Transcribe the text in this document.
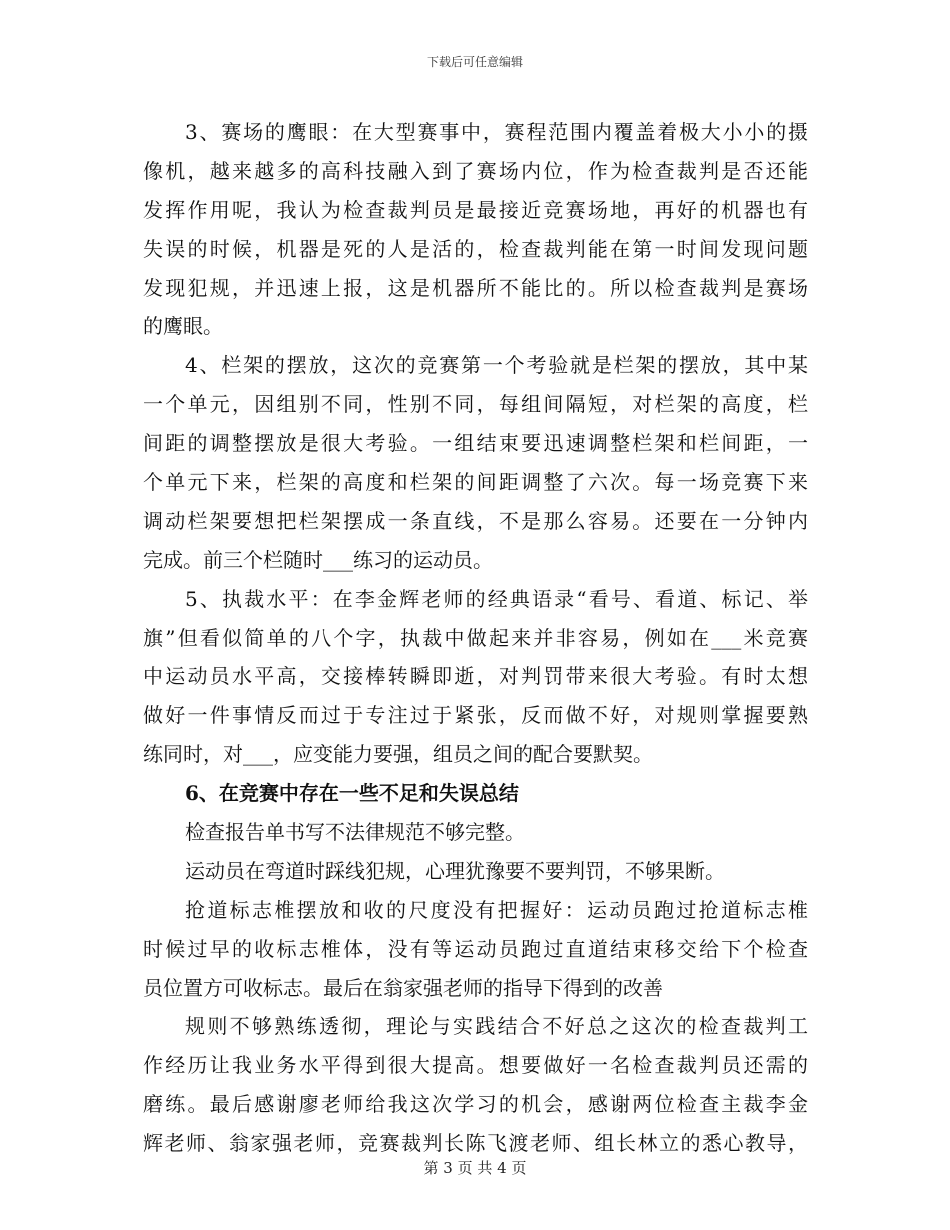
下载后可任意编辑
3、赛场的鹰眼：在大型赛事中，赛程范围内覆盖着极大小小的摄
像机，越来越多的高科技融入到了赛场内位，作为检查裁判是否还能
发挥作用呢，我认为检查裁判员是最接近竞赛场地，再好的机器也有
失误的时候，机器是死的人是活的，检查裁判能在第一时间发现问题
发现犯规，并迅速上报，这是机器所不能比的。所以检查裁判是赛场
的鹰眼。
4、栏架的摆放，这次的竞赛第一个考验就是栏架的摆放，其中某
一个单元，因组别不同，性别不同，每组间隔短，对栏架的高度，栏
间距的调整摆放是很大考验。一组结束要迅速调整栏架和栏间距，一
个单元下来，栏架的高度和栏架的间距调整了六次。每一场竞赛下来
调动栏架要想把栏架摆成一条直线，不是那么容易。还要在一分钟内
完成。前三个栏随时___练习的运动员。
5、执裁水平：在李金辉老师的经典语录“看号、看道、标记、举
旗”但看似简单的八个字，执裁中做起来并非容易，例如在___米竞赛
中运动员水平高，交接棒转瞬即逝，对判罚带来很大考验。有时太想
做好一件事情反而过于专注过于紧张，反而做不好，对规则掌握要熟
练同时，对___，应变能力要强，组员之间的配合要默契。
6、在竞赛中存在一些不足和失误总结
检查报告单书写不法律规范不够完整。
运动员在弯道时踩线犯规，心理犹豫要不要判罚，不够果断。
抢道标志椎摆放和收的尺度没有把握好：运动员跑过抢道标志椎
时候过早的收标志椎体，没有等运动员跑过直道结束移交给下个检查
员位置方可收标志。最后在翁家强老师的指导下得到的改善
规则不够熟练透彻，理论与实践结合不好总之这次的检查裁判工
作经历让我业务水平得到很大提高。想要做好一名检查裁判员还需的
磨练。最后感谢廖老师给我这次学习的机会，感谢两位检查主裁李金
辉老师、翁家强老师，竞赛裁判长陈飞渡老师、组长林立的悉心教导，
第 3 页 共 4 页
